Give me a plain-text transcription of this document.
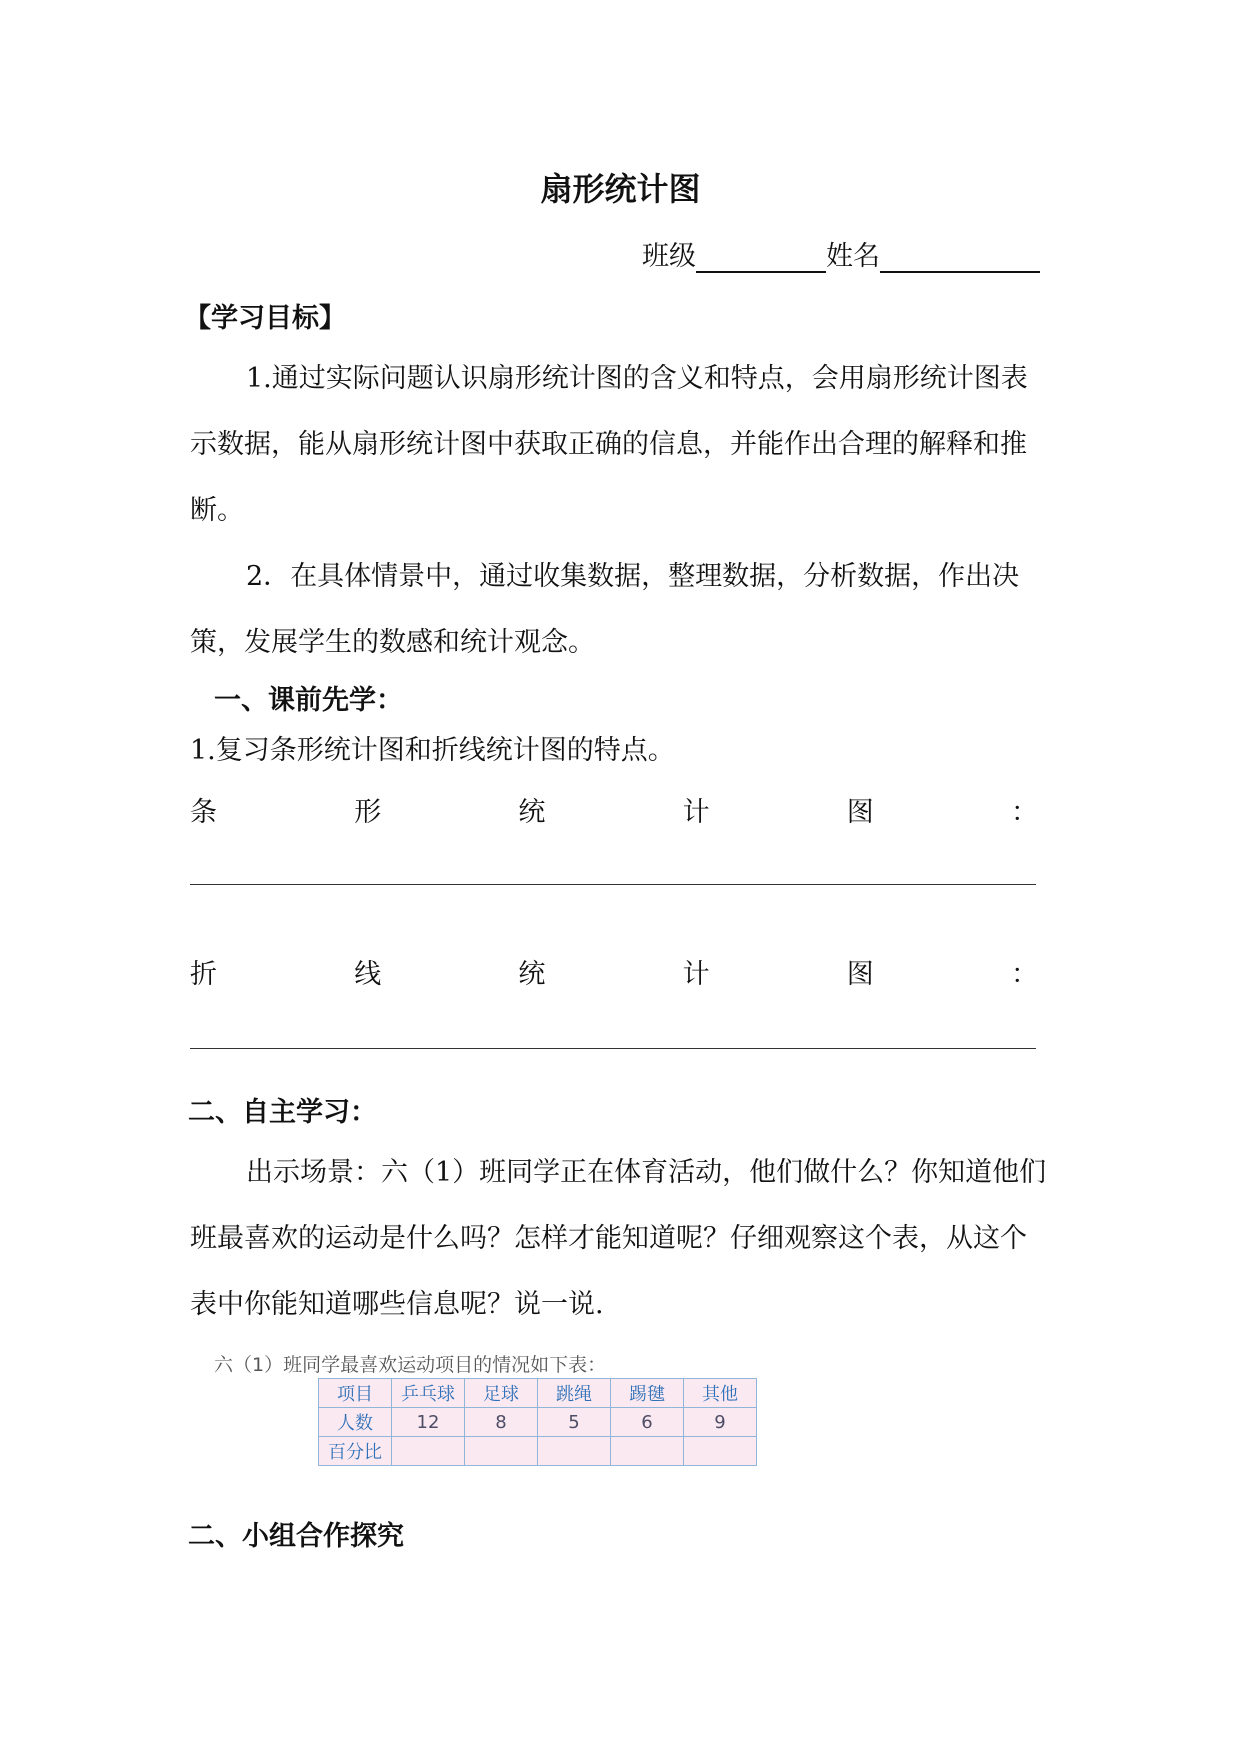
扇形统计图
班级	姓名
【学习目标】
1.通过实际问题认识扇形统计图的含义和特点，会用扇形统计图表示数据，能从扇形统计图中获取正确的信息，并能作出合理的解释和推断。
2．在具体情景中，通过收集数据，整理数据，分析数据，作出决策，发展学生的数感和统计观念。
一、课前先学：
1.复习条形统计图和折线统计图的特点。
条	形	统	计	图	：
折	线	统	计	图	：
二、自主学习：
出示场景：六（1）班同学正在体育活动，他们做什么？你知道他们班最喜欢的运动是什么吗？怎样才能知道呢？仔细观察这个表，从这个表中你能知道哪些信息呢？说一说.
六（1）班同学最喜欢运动项目的情况如下表：
项目	乒乓球	足球	跳绳	踢毽	其他
人数	12	8	5	6	9
百分比					
二、小组合作探究
